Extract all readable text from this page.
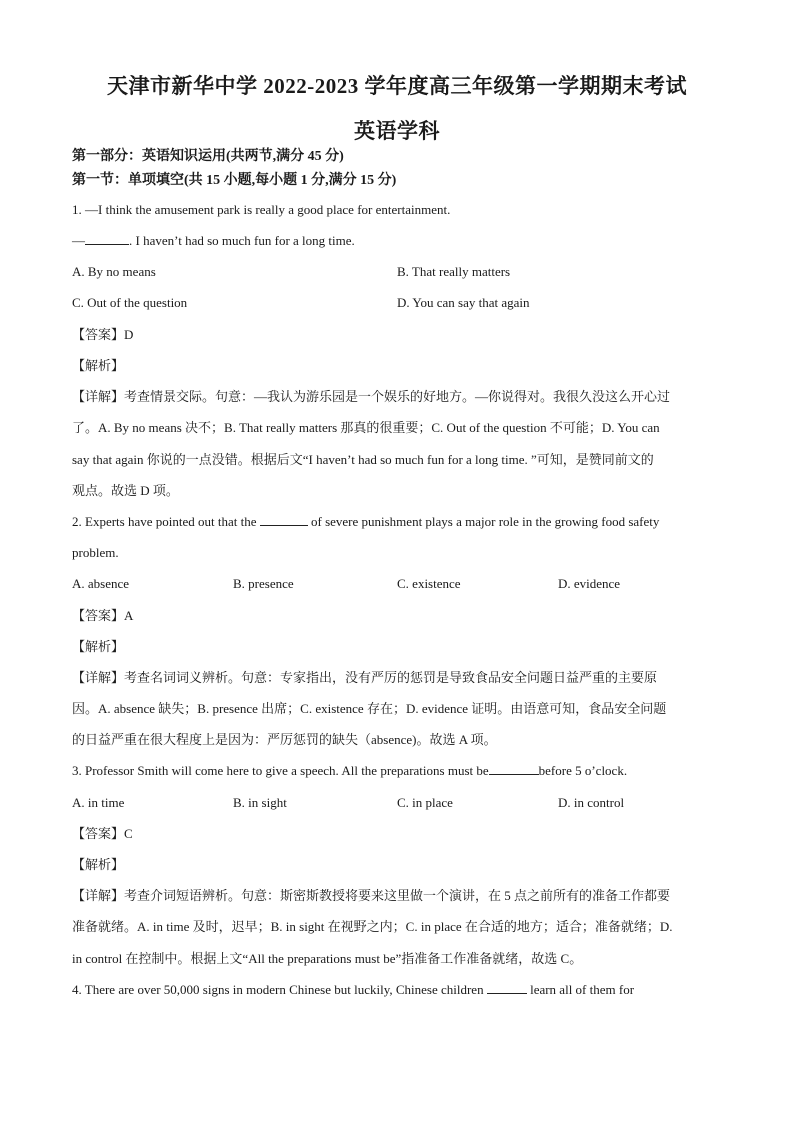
天津市新华中学 2022-2023 学年度高三年级第一学期期末考试
英语学科
第一部分：英语知识运用(共两节,满分 45 分)
第一节：单项填空(共 15 小题,每小题 1 分,满分 15 分)
1. —I think the amusement park is really a good place for entertainment.
—	. I haven’t had so much fun for a long time.
A. By no means	B. That really matters
C. Out of the question	D. You can say that again
【答案】D
【解析】
【详解】考查情景交际。句意：—我认为游乐园是一个娱乐的好地方。—你说得对。我很久没这么开心过
了。A. By no means 决不；B. That really matters 那真的很重要；C. Out of the question 不可能；D. You can
say that again 你说的一点没错。根据后文“I haven’t had so much fun for a long time. ”可知，是赞同前文的
观点。故选 D 项。
2. Experts have pointed out that the	of severe punishment plays a major role in the growing food safety
problem.
A. absence	B. presence	C. existence	D. evidence
【答案】A
【解析】
【详解】考查名词词义辨析。句意：专家指出，没有严厉的惩罚是导致食品安全问题日益严重的主要原
因。A. absence 缺失；B. presence 出席；C. existence 存在；D. evidence 证明。由语意可知，食品安全问题
的日益严重在很大程度上是因为：严厉惩罚的缺失（absence)。故选 A 项。
3. Professor Smith will come here to give a speech. All the preparations must be	before 5 o’clock.
A. in time	B. in sight	C. in place	D. in control
【答案】C
【解析】
【详解】考查介词短语辨析。句意：斯密斯教授将要来这里做一个演讲，在 5 点之前所有的准备工作都要
准备就绪。A. in time 及时，迟早；B. in sight 在视野之内；C. in place 在合适的地方；适合；准备就绪；D.
in control 在控制中。根据上文“All the preparations must be”指准备工作准备就绪，故选 C。
4. There are over 50,000 signs in modern Chinese but luckily, Chinese children	learn all of them for
